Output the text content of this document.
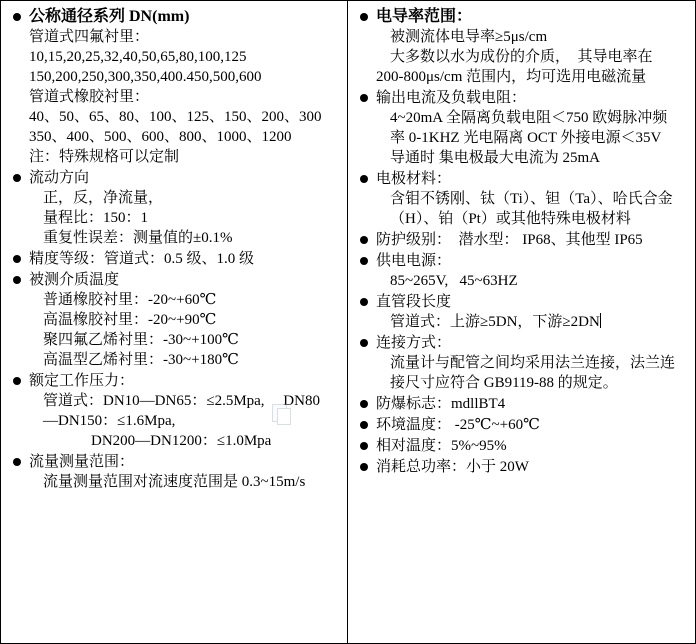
公称通径系列 DN(mm)
管道式四氟衬里：
10,15,20,25,32,40,50,65,80,100,125
150,200,250,300,350,400.450,500,600
管道式橡胶衬里：
40、50、65、80、100、125、150、200、300
350、400、500、600、800、1000、1200
注：特殊规格可以定制
流动方向
正，反，净流量，
量程比：150：1
重复性误差：测量值的±0.1%
精度等级：管道式：0.5 级、1.0 级
被测介质温度
普通橡胶衬里：-20~+60℃
高温橡胶衬里：-20~+90℃
聚四氟乙烯衬里：-30~+100℃
高温型乙烯衬里：-30~+180℃
额定工作压力：
管道式：DN10—DN65：≤2.5Mpa,     DN80
—DN150：≤1.6Mpa,
DN200—DN1200：≤1.0Mpa
流量测量范围：
流量测量范围对流速度范围是 0.3~15m/s
电导率范围：
被测流体电导率≥5μs/cm
大多数以水为成份的介质，  其导电率在
200-800μs/cm 范围内，均可选用电磁流量
输出电流及负载电阻：
4~20mA 全隔离负载电阻＜750 欧姆脉冲频
率 0-1KHZ 光电隔离 OCT 外接电源＜35V
导通时 集电极最大电流为 25mA
电极材料：
含钼不锈刚、钛（Ti）、钽（Ta）、哈氏合金
（H）、铂（Pt）或其他特殊电极材料
防护级别：  潜水型： IP68、其他型 IP65
供电电源：
85~265V,   45~63HZ
直管段长度
管道式：上游≥5DN，下游≥2DN
连接方式：
流量计与配管之间均采用法兰连接，法兰连
接尺寸应符合 GB9119-88 的规定。
防爆标志：mdllBT4
环境温度： -25℃~+60℃
相对温度：5%~95%
消耗总功率：小于 20W
